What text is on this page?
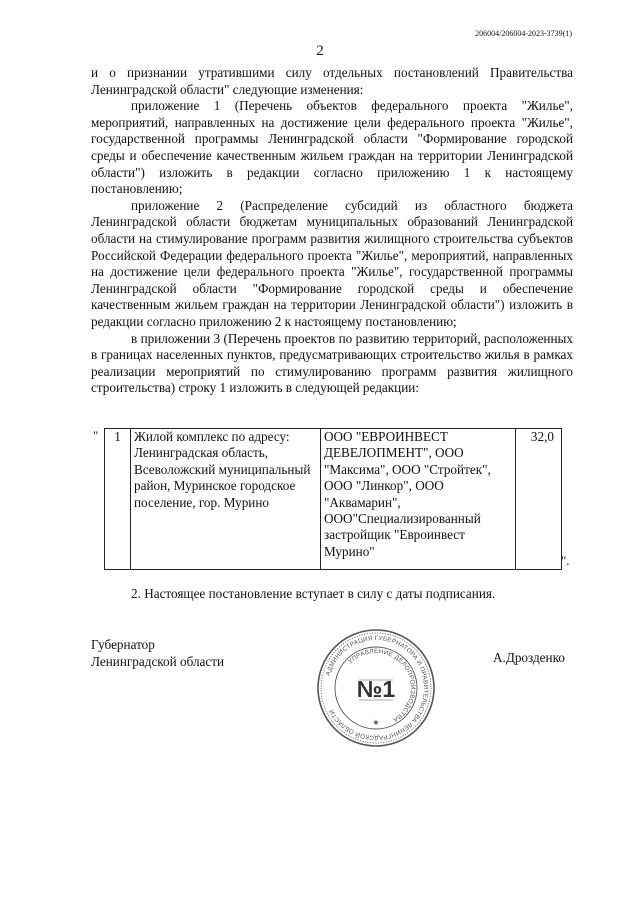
206004/206004-2023-3739(1)
2

и о признании утратившими силу отдельных постановлений Правительства Ленинградской области" следующие изменения:

приложение 1 (Перечень объектов федерального проекта "Жилье", мероприятий, направленных на достижение цели федерального проекта "Жилье", государственной программы Ленинградской области "Формирование городской среды и обеспечение качественным жильем граждан на территории Ленинградской области") изложить в редакции согласно приложению 1 к настоящему постановлению;

приложение 2 (Распределение субсидий из областного бюджета Ленинградской области бюджетам муниципальных образований Ленинградской области на стимулирование программ развития жилищного строительства субъектов Российской Федерации федерального проекта "Жилье", мероприятий, направленных на достижение цели федерального проекта "Жилье", государственной программы Ленинградской области "Формирование городской среды и обеспечение качественным жильем граждан на территории Ленинградской области") изложить в редакции согласно приложению 2 к настоящему постановлению;

в приложении 3 (Перечень проектов по развитию территорий, расположенных в границах населенных пунктов, предусматривающих строительство жилья в рамках реализации мероприятий по стимулированию программ развития жилищного строительства) строку 1 изложить в следующей редакции:

" 1	Жилой комплекс по адресу: Ленинградская область, Всеволожский муниципальный район, Муринское городское поселение, гор. Мурино	ООО "ЕВРОИНВЕСТ ДЕВЕЛОПМЕНТ", ООО "Максима", ООО "Стройтек", ООО "Линкор", ООО "Аквамарин", ООО"Специализированный застройщик "Евроинвест Мурино"	32,0
".
2. Настоящее постановление вступает в силу с даты подписания.
Губернатор
Ленинградской области	А.Дрозденко
АДМИНИСТРАЦИЯ ГУБЕРНАТОРА И ПРАВИТЕЛЬСТВА ЛЕНИНГРАДСКОЙ ОБЛАСТИ
УПРАВЛЕНИЕ ДЕЛОПРОИЗВОДСТВА
№1
★
